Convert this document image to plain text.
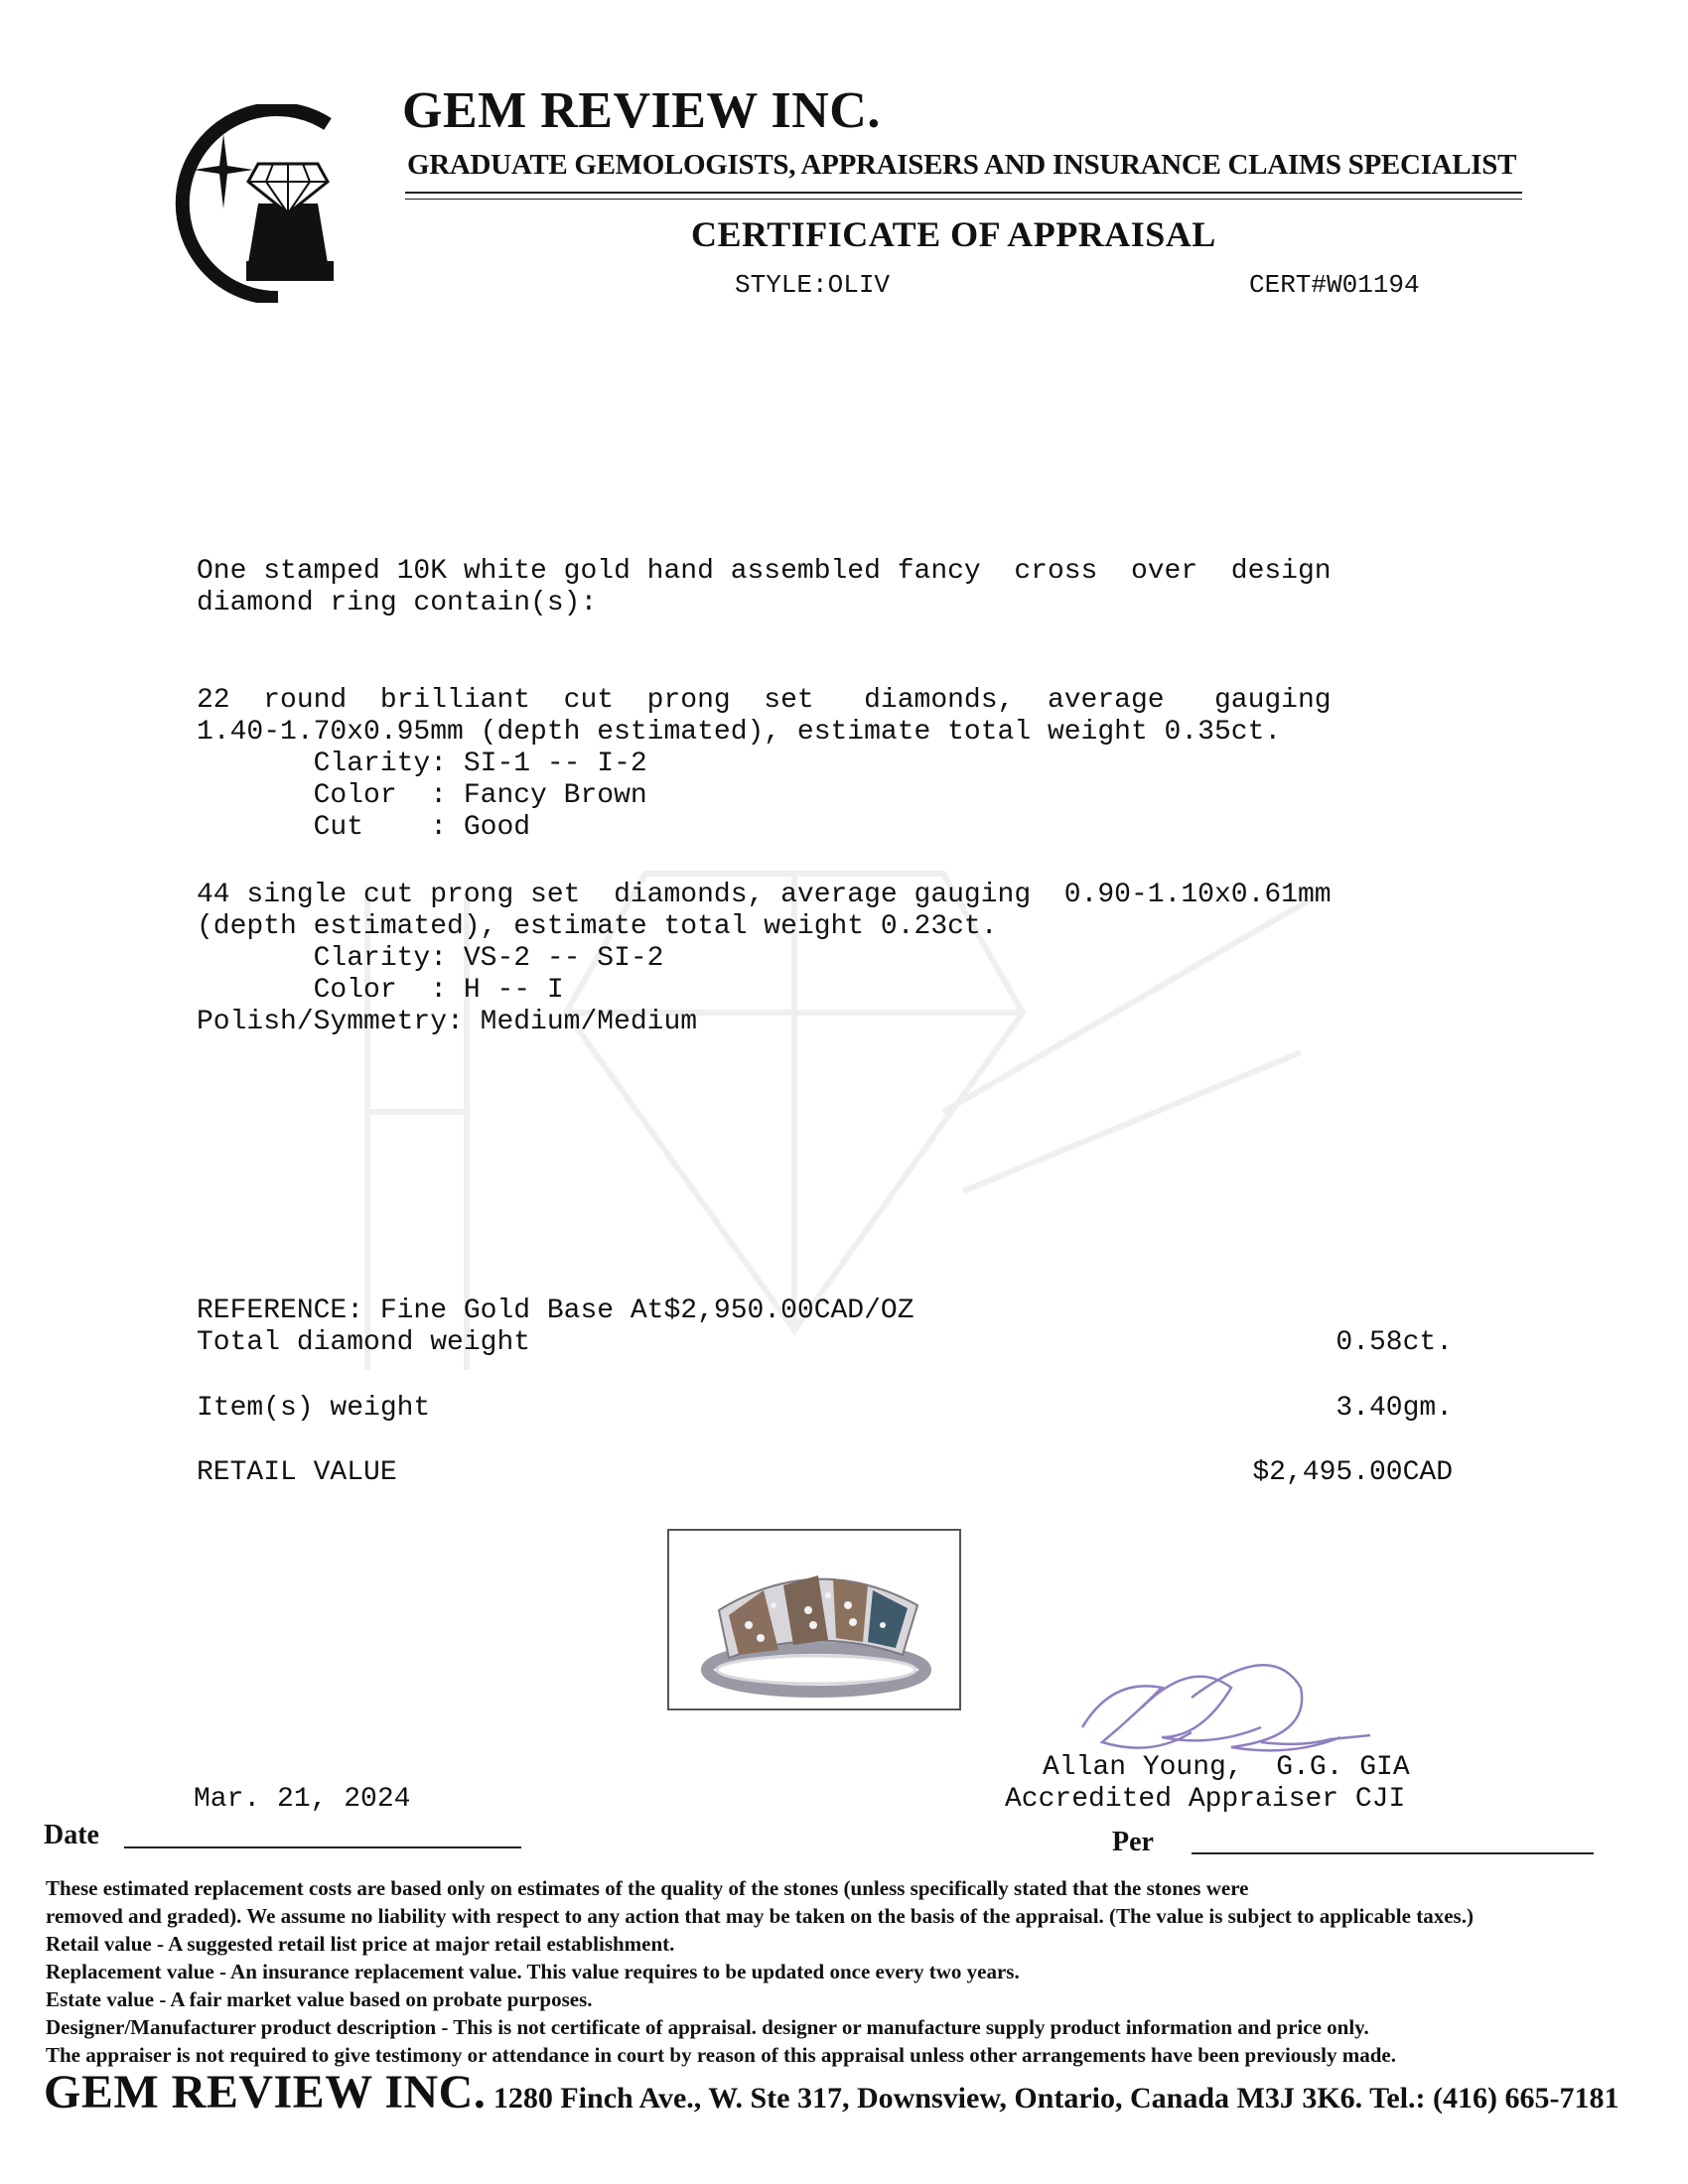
GEM REVIEW INC.
GRADUATE GEMOLOGISTS, APPRAISERS AND INSURANCE CLAIMS SPECIALIST
CERTIFICATE OF APPRAISAL
STYLE:OLIV	CERT#W01194
One stamped 10K white gold hand assembled fancy  cross  over  design
diamond ring contain(s):
22  round  brilliant  cut  prong  set   diamonds,  average   gauging
1.40-1.70x0.95mm (depth estimated), estimate total weight 0.35ct.
Clarity: SI-1 -- I-2
Color  : Fancy Brown
Cut    : Good
44 single cut prong set  diamonds, average gauging  0.90-1.10x0.61mm
(depth estimated), estimate total weight 0.23ct.
Clarity: VS-2 -- SI-2
Color  : H -- I
Polish/Symmetry: Medium/Medium
REFERENCE: Fine Gold Base At$2,950.00CAD/OZ
Total diamond weight	0.58ct.
Item(s) weight	3.40gm.
RETAIL VALUE	$2,495.00CAD
Allan Young,  G.G. GIA
Accredited Appraiser CJI
Mar. 21, 2024
Date	Per
These estimated replacement costs are based only on estimates of the quality of the stones (unless specifically stated that the stones were
removed and graded). We assume no liability with respect to any action that may be taken on the basis of the appraisal. (The value is subject to applicable taxes.)
Retail value - A suggested retail list price at major retail establishment.
Replacement value - An insurance replacement value. This value requires to be updated once every two years.
Estate value - A fair market value based on probate purposes.
Designer/Manufacturer product description - This is not certificate of appraisal. designer or manufacture supply product information and price only.
The appraiser is not required to give testimony or attendance in court by reason of this appraisal unless other arrangements have been previously made.
GEM REVIEW INC. 1280 Finch Ave., W. Ste 317, Downsview, Ontario, Canada M3J 3K6. Tel.: (416) 665-7181
